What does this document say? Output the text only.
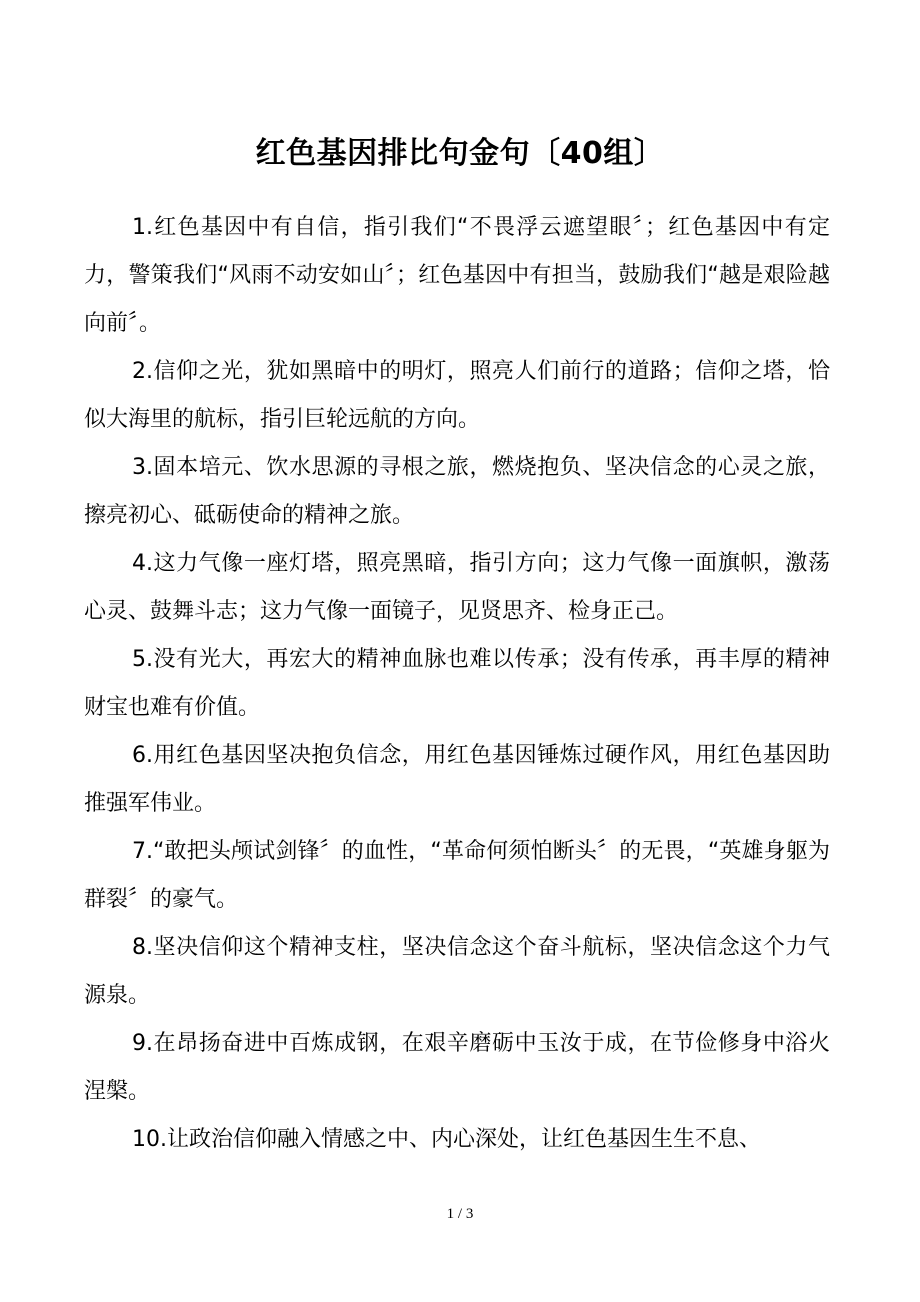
红色基因排比句金句〔40组〕

1.红色基因中有自信，指引我们“不畏浮云遮望眼〞；红色基因中有定力，警策我们“风雨不动安如山〞；红色基因中有担当，鼓励我们“越是艰险越向前〞。

2.信仰之光，犹如黑暗中的明灯，照亮人们前行的道路；信仰之塔，恰似大海里的航标，指引巨轮远航的方向。

3.固本培元、饮水思源的寻根之旅，燃烧抱负、坚决信念的心灵之旅，擦亮初心、砥砺使命的精神之旅。

4.这力气像一座灯塔，照亮黑暗，指引方向；这力气像一面旗帜，激荡心灵、鼓舞斗志；这力气像一面镜子，见贤思齐、检身正己。

5.没有光大，再宏大的精神血脉也难以传承；没有传承，再丰厚的精神财宝也难有价值。

6.用红色基因坚决抱负信念，用红色基因锤炼过硬作风，用红色基因助推强军伟业。

7.“敢把头颅试剑锋〞的血性，“革命何须怕断头〞的无畏，“英雄身躯为群裂〞的豪气。

8.坚决信仰这个精神支柱，坚决信念这个奋斗航标，坚决信念这个力气源泉。

9.在昂扬奋进中百炼成钢，在艰辛磨砺中玉汝于成，在节俭修身中浴火涅槃。

10.让政治信仰融入情感之中、内心深处，让红色基因生生不息、

1 / 3
